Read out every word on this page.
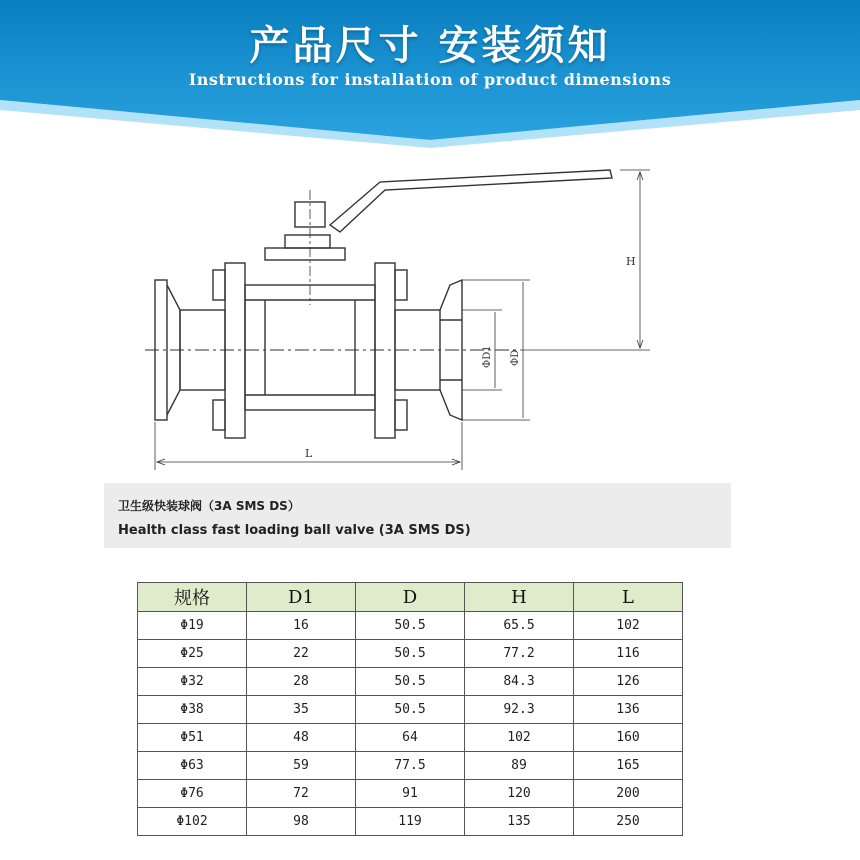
产品尺寸 安装须知
Instructions for installation of product dimensions
H
L
ΦD1 ΦD
卫生级快装球阀（3A SMS DS）
Health class fast loading ball valve (3A SMS DS)
规格	D1	D	H	L
Φ19	16	50.5	65.5	102
Φ25	22	50.5	77.2	116
Φ32	28	50.5	84.3	126
Φ38	35	50.5	92.3	136
Φ51	48	64	102	160
Φ63	59	77.5	89	165
Φ76	72	91	120	200
Φ102	98	119	135	250
